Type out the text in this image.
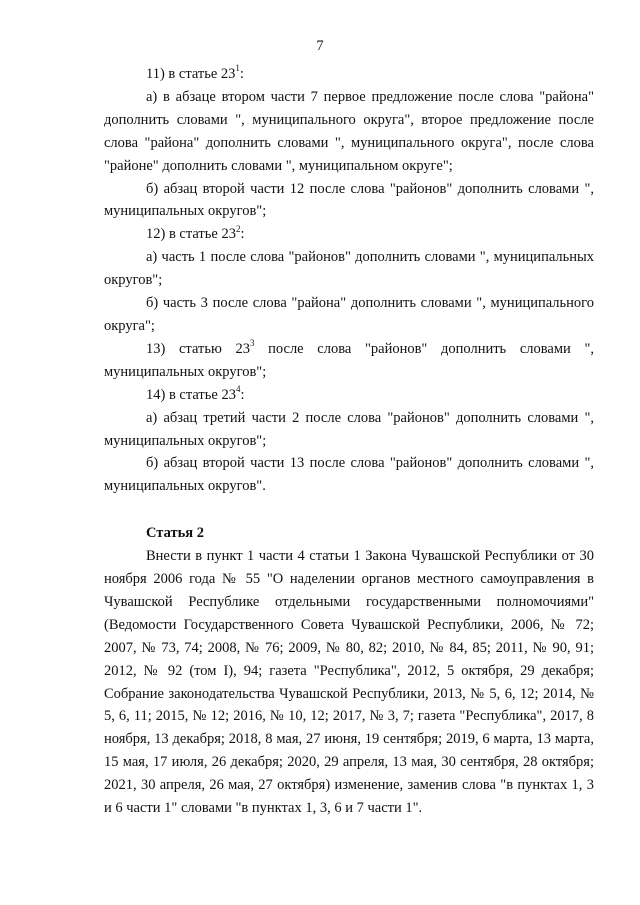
7

11) в статье $23^1$:

а) в абзаце втором части 7 первое предложение после слова "района" дополнить словами ", муниципального округа", второе предложение после слова "района" дополнить словами ", муниципального округа", после слова "районе" дополнить словами ", муниципальном округе";

б) абзац второй части 12 после слова "районов" дополнить словами ", муниципальных округов";

12) в статье $23^2$:

а) часть 1 после слова "районов" дополнить словами ", муниципальных округов";

б) часть 3 после слова "района" дополнить словами ", муниципального округа";

13) статью $23^3$ после слова "районов" дополнить словами ", муниципальных округов";

14) в статье $23^4$:

а) абзац третий части 2 после слова "районов" дополнить словами ", муниципальных округов";

б) абзац второй части 13 после слова "районов" дополнить словами ", муниципальных округов".

Статья 2

Внести в пункт 1 части 4 статьи 1 Закона Чувашской Республики от 30 ноября 2006 года № 55 "О наделении органов местного самоуправления в Чувашской Республике отдельными государственными полномочиями" (Ведомости Государственного Совета Чувашской Республики, 2006, № 72; 2007, № 73, 74; 2008, № 76; 2009, № 80, 82; 2010, № 84, 85; 2011, № 90, 91; 2012, № 92 (том I), 94; газета "Республика", 2012, 5 октября, 29 декабря; Собрание законодательства Чувашской Республики, 2013, № 5, 6, 12; 2014, № 5, 6, 11; 2015, № 12; 2016, № 10, 12; 2017, № 3, 7; газета "Республика", 2017, 8 ноября, 13 декабря; 2018, 8 мая, 27 июня, 19 сентября; 2019, 6 марта, 13 марта, 15 мая, 17 июля, 26 декабря; 2020, 29 апреля, 13 мая, 30 сентября, 28 октября; 2021, 30 апреля, 26 мая, 27 октября) изменение, заменив слова "в пунктах 1, 3 и 6 части 1" словами "в пунктах 1, 3, 6 и 7 части 1".
